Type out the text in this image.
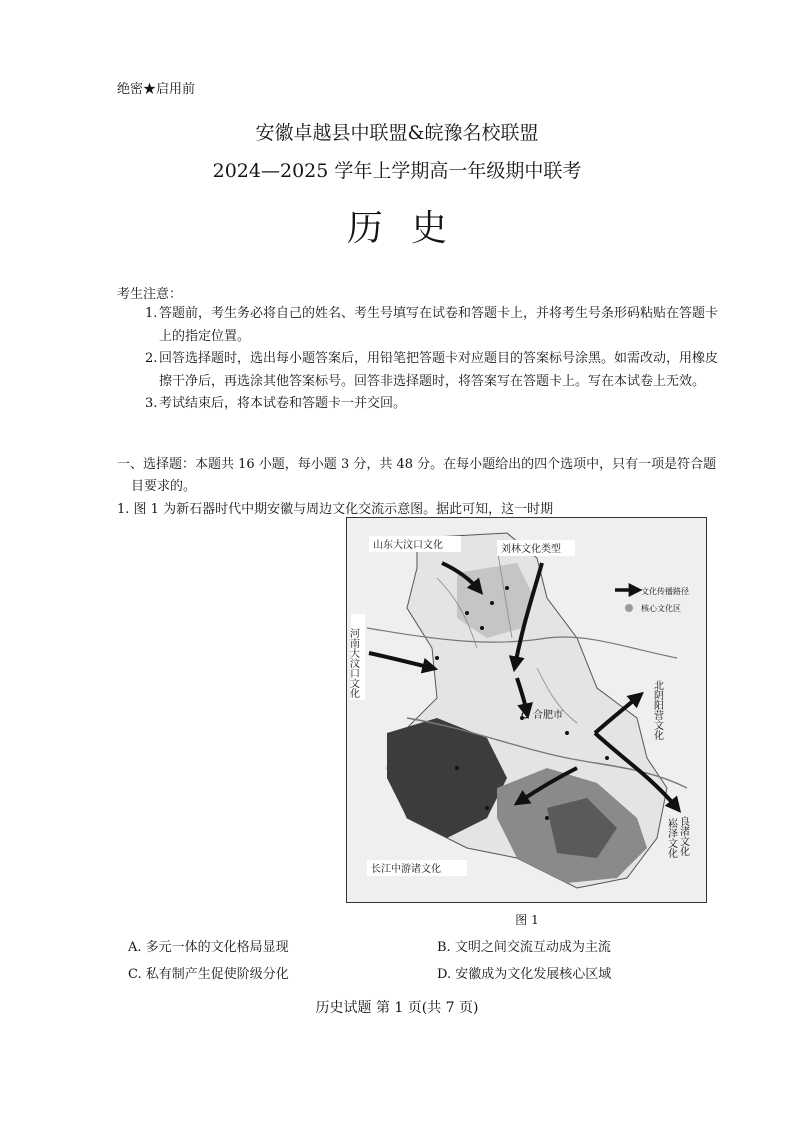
绝密★启用前
安徽卓越县中联盟&皖豫名校联盟
2024—2025 学年上学期高一年级期中联考
历史
考生注意：
1. 答题前，考生务必将自己的姓名、考生号填写在试卷和答题卡上，并将考生号条形码粘贴在答题卡上的指定位置。
2. 回答选择题时，选出每小题答案后，用铅笔把答题卡对应题目的答案标号涂黑。如需改动，用橡皮擦干净后，再选涂其他答案标号。回答非选择题时，将答案写在答题卡上。写在本试卷上无效。
3. 考试结束后，将本试卷和答题卡一并交回。
一、选择题：本题共 16 小题，每小题 3 分，共 48 分。在每小题给出的四个选项中，只有一项是符合题目要求的。
1. 图 1 为新石器时代中期安徽与周边文化交流示意图。据此可知，这一时期
合肥市
山东大汶口文化	刘林文化类型
河南大汶口文化
北阴阳营文化
良渚文化
崧泽文化
长江中游诸文化
文化传播路径
核心文化区
图 1
A. 多元一体的文化格局显现	B. 文明之间交流互动成为主流
C. 私有制产生促使阶级分化	D. 安徽成为文化发展核心区域
历史试题 第 1 页(共 7 页)
